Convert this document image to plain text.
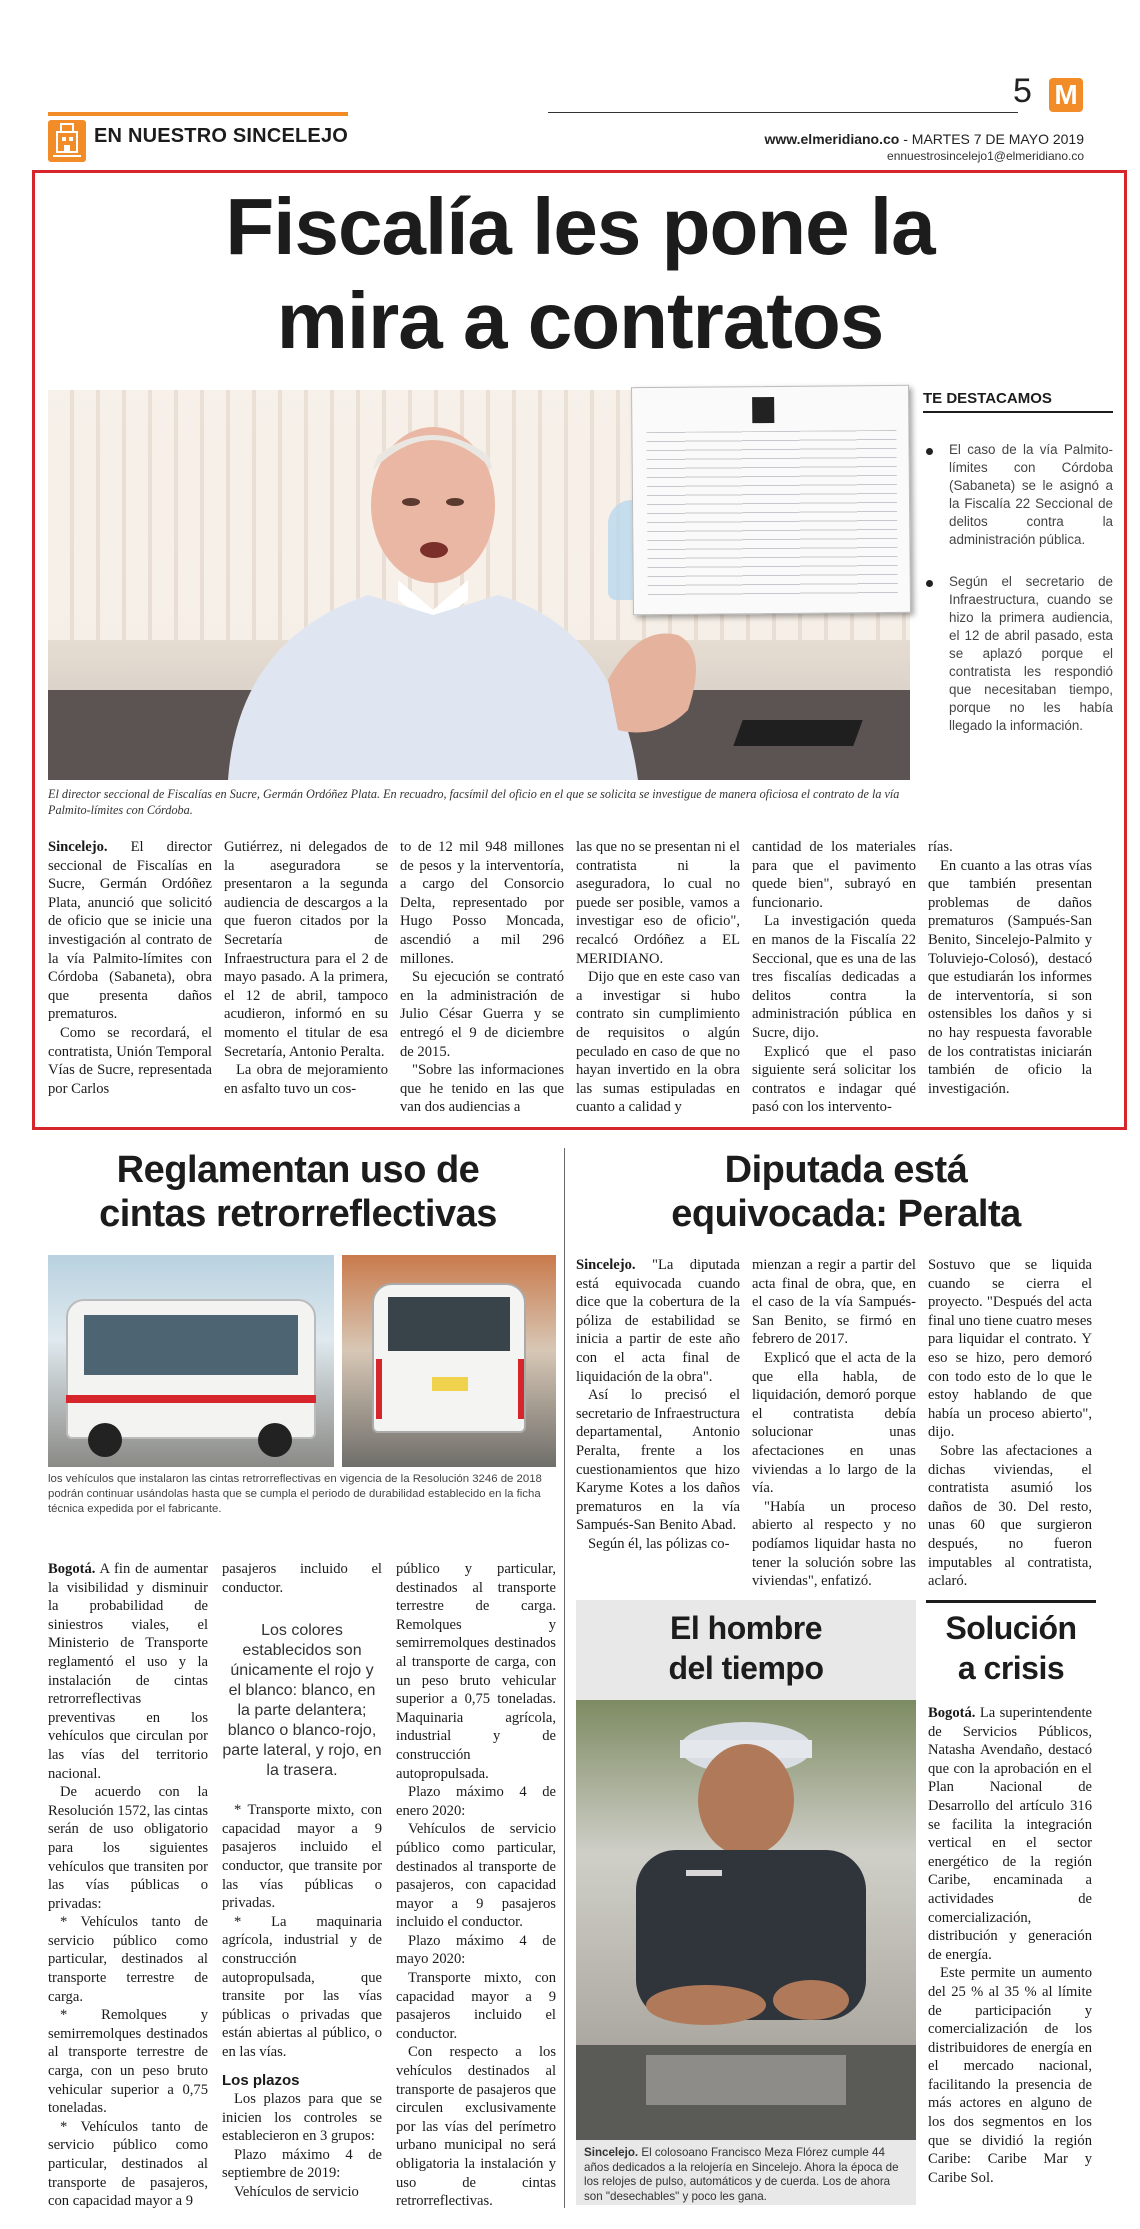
5 M
EN NUESTRO SINCELEJO	www.elmeridiano.co - MARTES 7 DE MAYO 2019
ennuestrosincelejo1@elmeridiano.co
Fiscalía les pone la
mira a contratos
TE DESTACAMOS
El caso de la vía Palmito-límites con Córdoba (Sabaneta) se le asignó a la Fiscalía 22 Seccional de delitos contra la administración pública.
Según el secretario de Infraestructura, cuando se hizo la primera audiencia, el 12 de abril pasado, esta se aplazó porque el contratista les respondió que necesitaban tiempo, porque no les había llegado la información.
El director seccional de Fiscalías en Sucre, Germán Ordóñez Plata. En recuadro, facsímil del oficio en el que se solicita se investigue de manera oficiosa el contrato de la vía Palmito-límites con Córdoba.

Sincelejo. El director seccional de Fiscalías en Sucre, Germán Ordóñez Plata, anunció que solicitó de oficio que se inicie una investigación al contrato de la vía Palmito-límites con Córdoba (Sabaneta), obra que presenta daños prematuros.

Como se recordará, el contratista, Unión Temporal Vías de Sucre, representada por Carlos

Gutiérrez, ni delegados de la aseguradora se presentaron a la segunda audiencia de descargos a la que fueron citados por la Secretaría de Infraestructura para el 2 de mayo pasado. A la primera, el 12 de abril, tampoco acudieron, informó en su momento el titular de esa Secretaría, Antonio Peralta.

La obra de mejoramiento en asfalto tuvo un cos-

to de 12 mil 948 millones de pesos y la interventoría, a cargo del Consorcio Delta, representado por Hugo Posso Moncada, ascendió a mil 296 millones.

Su ejecución se contrató en la administración de Julio César Guerra y se entregó el 9 de diciembre de 2015.

"Sobre las informaciones que he tenido en las que van dos audiencias a

las que no se presentan ni el contratista ni la aseguradora, lo cual no puede ser posible, vamos a investigar eso de oficio", recalcó Ordóñez a EL MERIDIANO.

Dijo que en este caso van a investigar si hubo contrato sin cumplimiento de requisitos o algún peculado en caso de que no hayan invertido en la obra las sumas estipuladas en cuanto a calidad y

cantidad de los materiales para que el pavimento quede bien", subrayó en funcionario.

La investigación queda en manos de la Fiscalía 22 Seccional, que es una de las tres fiscalías dedicadas a delitos contra la administración pública en Sucre, dijo.

Explicó que el paso siguiente será solicitar los contratos e indagar qué pasó con los intervento-

rías.

En cuanto a las otras vías que también presentan problemas de daños prematuros (Sampués-San Benito, Sincelejo-Palmito y Toluviejo-Colosó), destacó que estudiarán los informes de interventoría, si son ostensibles los daños y si no hay respuesta favorable de los contratistas iniciarán también de oficio la investigación.

Reglamentan uso de
cintas retrorreflectivas
los vehículos que instalaron las cintas retrorreflectivas en vigencia de la Resolución 3246 de 2018 podrán continuar usándolas hasta que se cumpla el periodo de durabilidad establecido en la ficha técnica expedida por el fabricante.

Bogotá. A fin de aumentar la visibilidad y disminuir la probabilidad de siniestros viales, el Ministerio de Transporte reglamentó el uso y la instalación de cintas retrorreflectivas preventivas en los vehículos que circulan por las vías del territorio nacional.

De acuerdo con la Resolución 1572, las cintas serán de uso obligatorio para los siguientes vehículos que transiten por las vías públicas o privadas:

* Vehículos tanto de servicio público como particular, destinados al transporte terrestre de carga.

* Remolques y semirremolques destinados al transporte terrestre de carga, con un peso bruto vehicular superior a 0,75 toneladas.

* Vehículos tanto de servicio público como particular, destinados al transporte de pasajeros, con capacidad mayor a 9

pasajeros incluido el conductor.

Los colores establecidos son únicamente el rojo y el blanco: blanco, en la parte delantera; blanco o blanco-rojo, parte lateral, y rojo, en la trasera.

* Transporte mixto, con capacidad mayor a 9 pasajeros incluido el conductor, que transite por las vías públicas o privadas.

* La maquinaria agrícola, industrial y de construcción autopropulsada, que transite por las vías públicas o privadas que están abiertas al público, o en las vías.

Los plazos

Los plazos para que se inicien los controles se establecieron en 3 grupos:

Plazo máximo 4 de septiembre de 2019:

Vehículos de servicio

público y particular, destinados al transporte terrestre de carga. Remolques y semirremolques destinados al transporte de carga, con un peso bruto vehicular superior a 0,75 toneladas. Maquinaria agrícola, industrial y de construcción autopropulsada.

Plazo máximo 4 de enero 2020:

Vehículos de servicio público como particular, destinados al transporte de pasajeros, con capacidad mayor a 9 pasajeros incluido el conductor.

Plazo máximo 4 de mayo 2020:

Transporte mixto, con capacidad mayor a 9 pasajeros incluido el conductor.

Con respecto a los vehículos destinados al transporte de pasajeros que circulen exclusivamente por las vías del perímetro urbano municipal no será obligatoria la instalación y uso de cintas retrorreflectivas.

Diputada está
equivocada: Peralta

Sincelejo. "La diputada está equivocada cuando dice que la cobertura de la póliza de estabilidad se inicia a partir de este año con el acta final de liquidación de la obra".

Así lo precisó el secretario de Infraestructura departamental, Antonio Peralta, frente a los cuestionamientos que hizo Karyme Kotes a los daños prematuros en la vía Sampués-San Benito Abad.

Según él, las pólizas co-

mienzan a regir a partir del acta final de obra, que, en el caso de la vía Sampués-San Benito, se firmó en febrero de 2017.

Explicó que el acta de la que ella habla, de liquidación, demoró porque el contratista debía solucionar unas afectaciones en unas viviendas a lo largo de la vía.

"Había un proceso abierto al respecto y no podíamos liquidar hasta no tener la solución sobre las viviendas", enfatizó.

Sostuvo que se liquida cuando se cierra el proyecto. "Después del acta final uno tiene cuatro meses para liquidar el contrato. Y eso se hizo, pero demoró con todo esto de lo que le estoy hablando de que había un proceso abierto", dijo.

Sobre las afectaciones a dichas viviendas, el contratista asumió los daños de 30. Del resto, unas 60 que surgieron después, no fueron imputables al contratista, aclaró.

El hombre
del tiempo
Sincelejo. El colosoano Francisco Meza Flórez cumple 44 años dedicados a la relojería en Sincelejo. Ahora la época de los relojes de pulso, automáticos y de cuerda. Los de ahora son "desechables" y poco les gana.
Solución
a crisis

Bogotá. La superintendente de Servicios Públicos, Natasha Avendaño, destacó que con la aprobación en el Plan Nacional de Desarrollo del artículo 316 se facilita la integración vertical en el sector energético de la región Caribe, encaminada a actividades de comercialización, distribución y generación de energía.

Este permite un aumento del 25 % al 35 % al límite de participación y comercialización de los distribuidores de energía en el mercado nacional, facilitando la presencia de más actores en alguno de los dos segmentos en los que se dividió la región Caribe: Caribe Mar y Caribe Sol.
